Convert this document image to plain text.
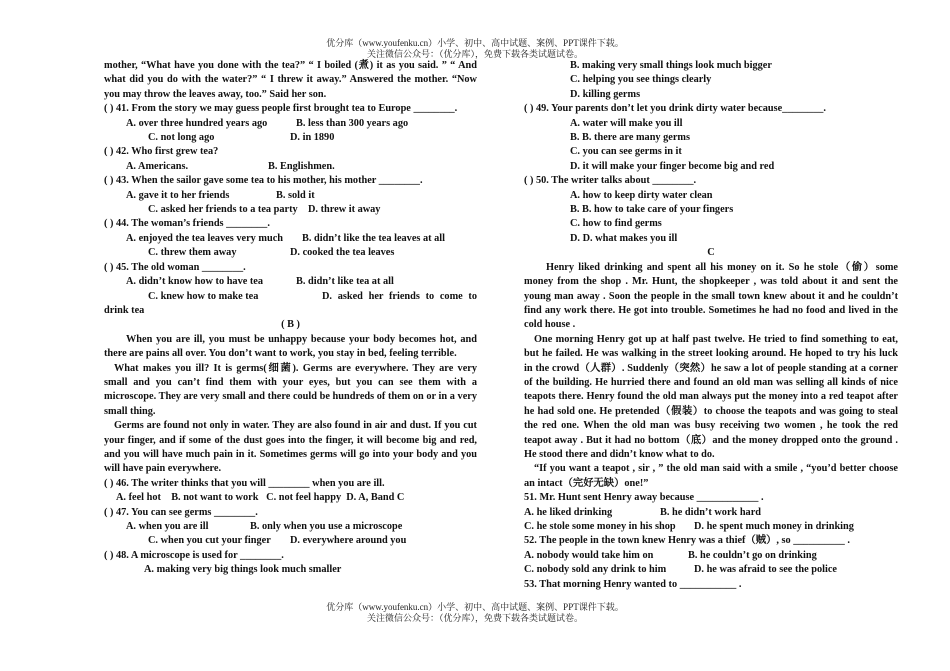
优分库（www.youfenku.cn）小学、初中、高中试题、案例、PPT课件下载。
关注微信公众号：（优分库），免费下载各类试题试卷。

mother, “What have you done with the tea?” “ I boiled (煮) it as you said. ” “ And what did you do with the water?” “ I threw it away.” Answered the mother. “Now you may throw the leaves away, too.” Said her son.

( ) 41. From the story we may guess people first brought tea to Europe ________.

A. over three hundred years ago	B. less than 300 years ago

C. not long ago	D. in 1890

( ) 42. Who first grew tea?

A. Americans.	B. Englishmen.

( ) 43. When the sailor gave some tea to his mother, his mother ________.

A. gave it to her friends	B. sold it

C. asked her friends to a tea party D. threw it away

( ) 44. The woman’s friends ________.

A. enjoyed the tea leaves very much B. didn’t like the tea leaves at all

C. threw them away	D. cooked the tea leaves

( ) 45. The old woman ________.

A. didn’t know how to have tea	B. didn’t like tea at all

C. knew how to make tea	D. asked her friends to come to drink tea

( B )

When you are ill, you must be unhappy because your body becomes hot, and there are pains all over. You don’t want to work, you stay in bed, feeling terrible.

What makes you ill? It is germs(细菌). Germs are everywhere. They are very small and you can’t find them with your eyes, but you can see them with a microscope. They are very small and there could be hundreds of them on or in a very small thing.

Germs are found not only in water. They are also found in air and dust. If you cut your finger, and if some of the dust goes into the finger, it will become big and red, and you will have much pain in it. Sometimes germs will go into your body and you will have pain everywhere.

( ) 46. The writer thinks that you will ________ when you are ill.

A. feel hot    B. not want to work   C. not feel happy  D. A, Band C

( ) 47. You can see germs ________.

A. when you are ill	B. only when you use a microscope

C. when you cut your finger D. everywhere around you

( ) 48. A microscope is used for ________.

A. making very big things look much smaller

B. making very small things look much bigger

C. helping you see things clearly

D. killing germs

( ) 49. Your parents don’t let you drink dirty water because________.

A. water will make you ill

B. B. there are many germs

C. you can see germs in it

D. it will make your finger become big and red

( ) 50. The writer talks about ________.

A. how to keep dirty water clean

B. B. how to take care of your fingers

C. how to find germs

D. D. what makes you ill

C

Henry liked drinking and spent all his money on it. So he stole（偷）some money from the shop . Mr. Hunt, the shopkeeper , was told about it and sent the young man away . Soon the people in the small town knew about it and he couldn’t find any work there. He got into trouble. Sometimes he had no food and lived in the cold house .

One morning Henry got up at half past twelve. He tried to find something to eat, but he failed. He was walking in the street looking around. He hoped to try his luck in the crowd（人群）. Suddenly（突然）he saw a lot of people standing at a corner of the building. He hurried there and found an old man was selling all kinds of nice teapots there. Henry found the old man always put the money into a red teapot after he had sold one. He pretended（假装）to choose the teapots and was going to steal the red one. When the old man was busy receiving two women , he took the red teapot away . But it had no bottom（底）and the money dropped onto the ground . He stood there and didn’t know what to do.

“If you want a teapot , sir , ” the old man said with a smile , “you’d better choose an intact（完好无缺）one!”

51. Mr. Hunt sent Henry away because ____________ .

A. he liked drinking	B. he didn’t work hard

C. he stole some money in his shop D. he spent much money in drinking

52. The people in the town knew Henry was a thief（贼）, so __________ .

A. nobody would take him on	B. he couldn’t go on drinking

C. nobody sold any drink to him	D. he was afraid to see the police

53. That morning Henry wanted to ___________ .

优分库（www.youfenku.cn）小学、初中、高中试题、案例、PPT课件下载。
关注微信公众号：（优分库），免费下载各类试题试卷。
